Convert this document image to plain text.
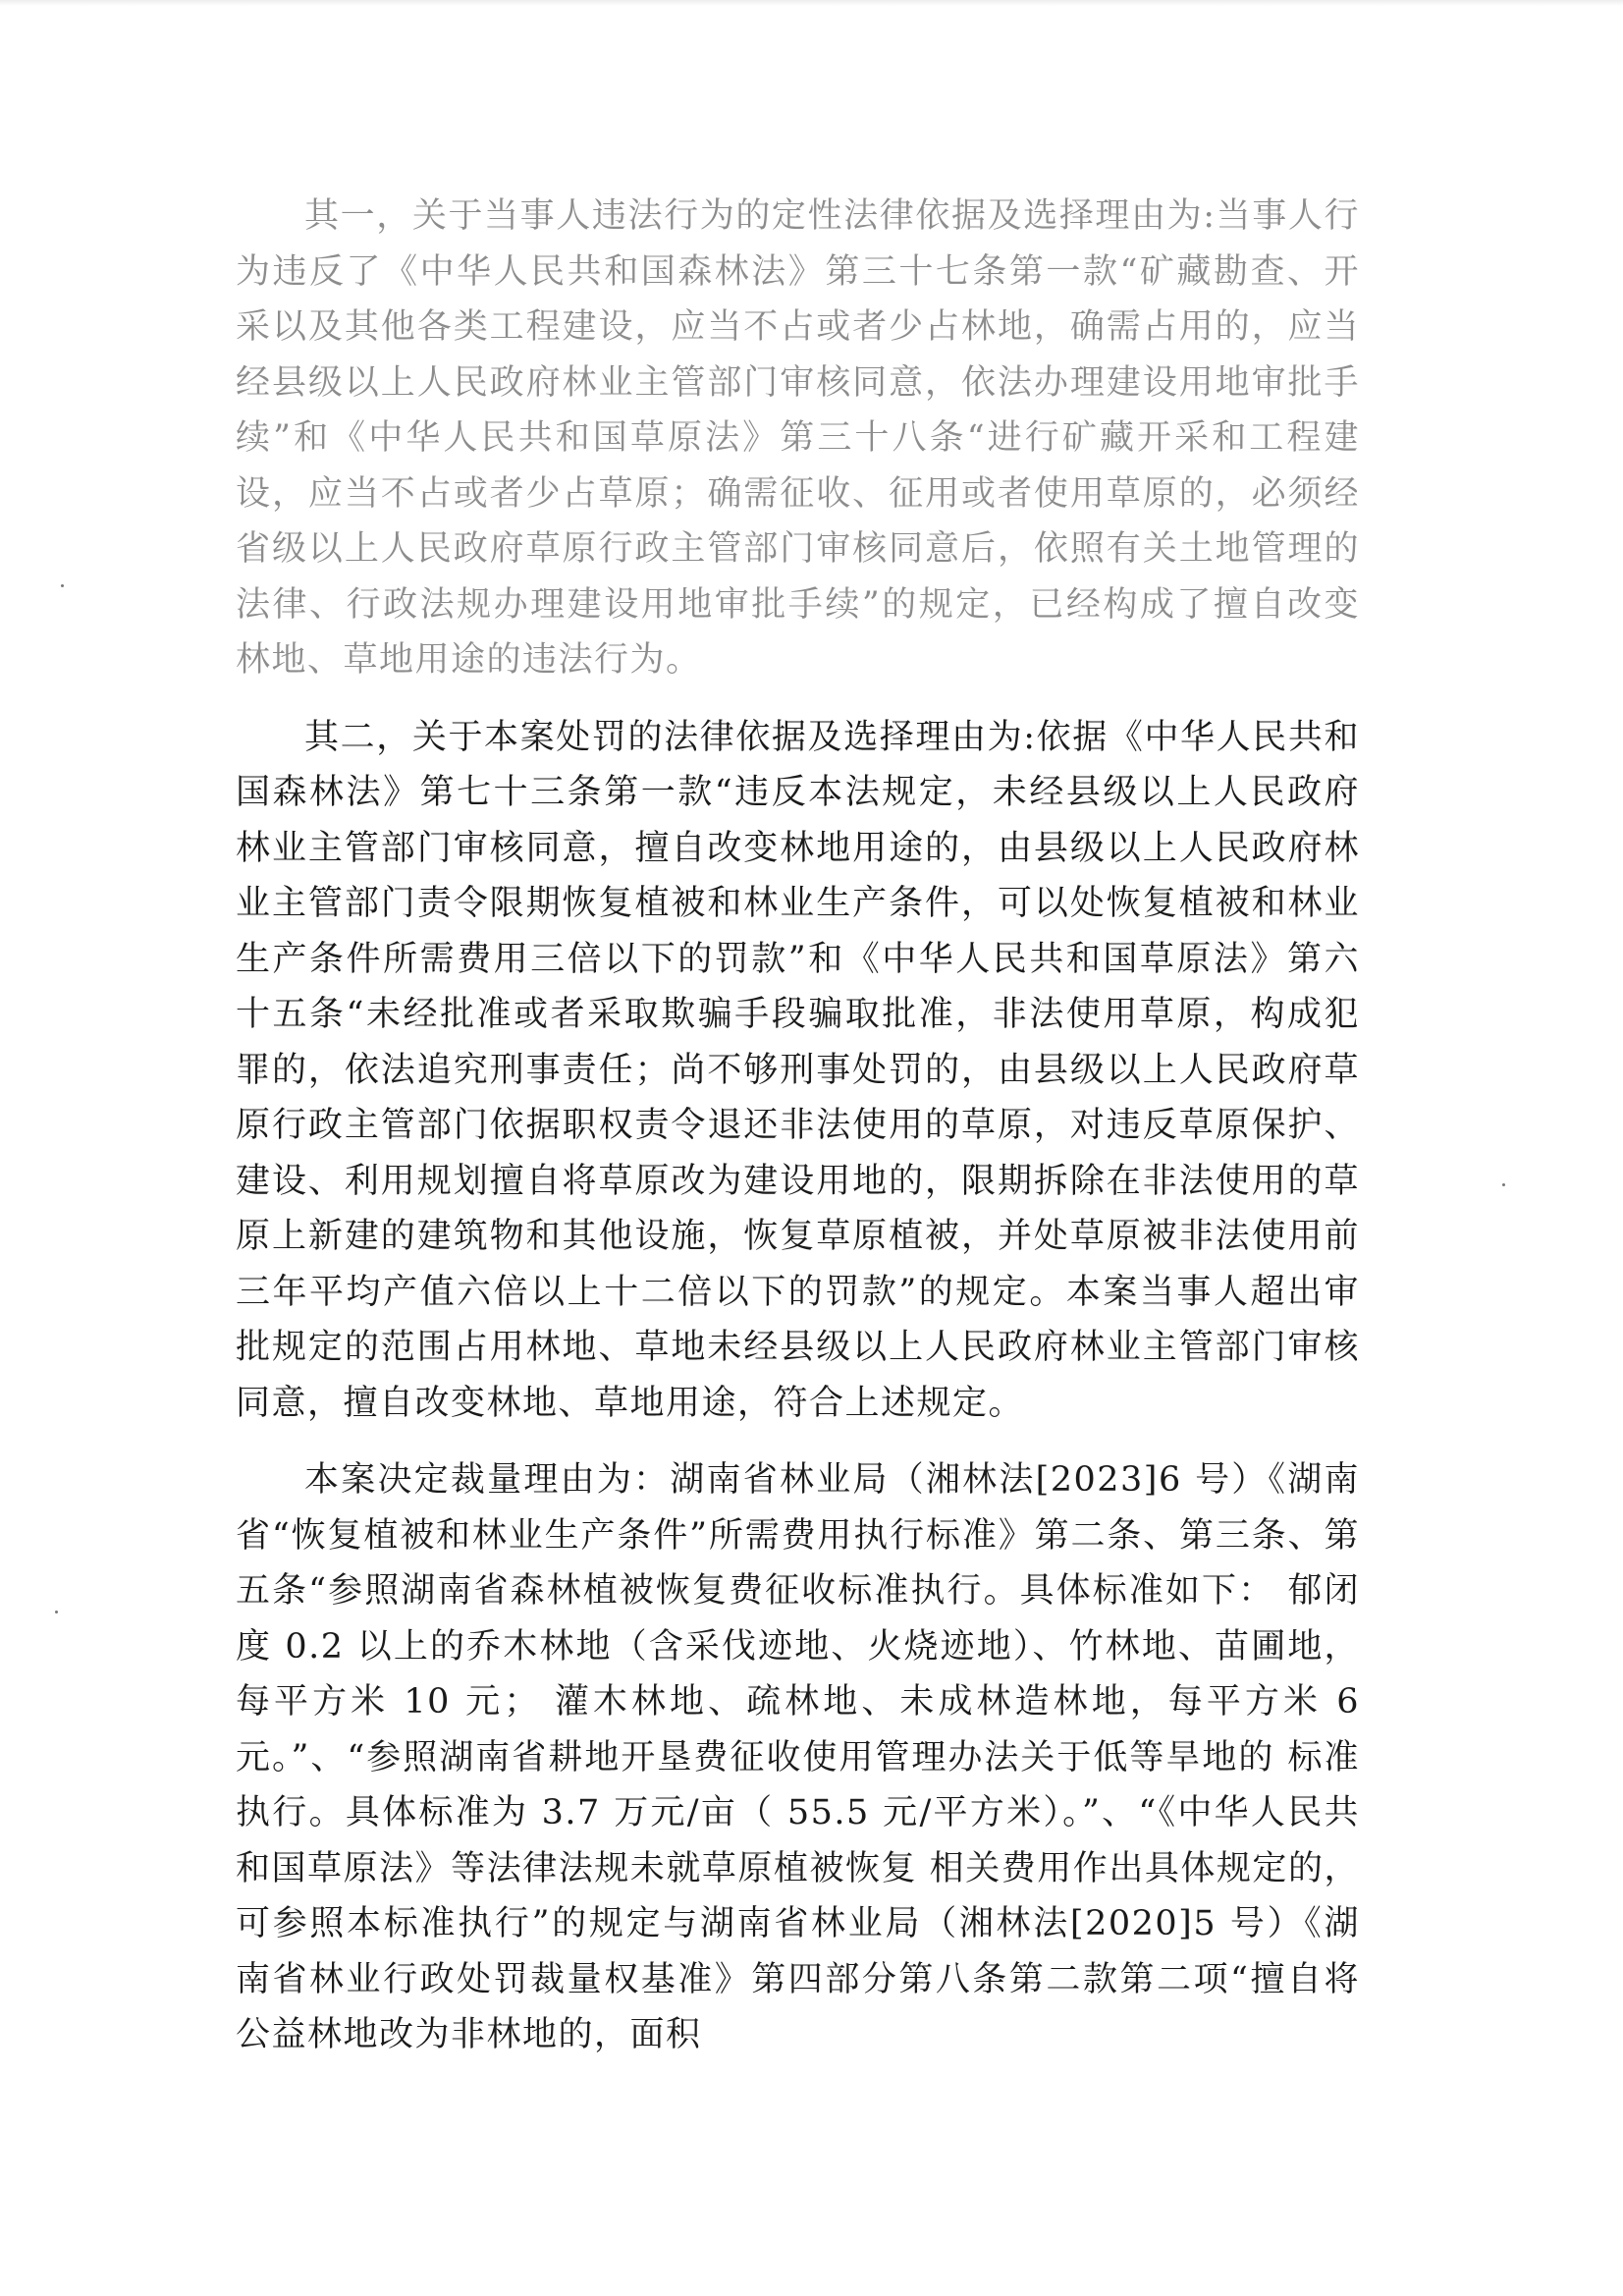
其一，关于当事人违法行为的定性法律依据及选择理由为:当事人行为违反了《中华人民共和国森林法》第三十七条第一款“矿藏勘查、开采以及其他各类工程建设，应当不占或者少占林地，确需占用的，应当经县级以上人民政府林业主管部门审核同意，依法办理建设用地审批手续”和《中华人民共和国草原法》第三十八条“进行矿藏开采和工程建设，应当不占或者少占草原；确需征收、征用或者使用草原的，必须经省级以上人民政府草原行政主管部门审核同意后，依照有关土地管理的法律、行政法规办理建设用地审批手续”的规定，已经构成了擅自改变林地、草地用途的违法行为。

其二，关于本案处罚的法律依据及选择理由为:依据《中华人民共和国森林法》第七十三条第一款“违反本法规定，未经县级以上人民政府林业主管部门审核同意，擅自改变林地用途的，由县级以上人民政府林业主管部门责令限期恢复植被和林业生产条件，可以处恢复植被和林业生产条件所需费用三倍以下的罚款”和《中华人民共和国草原法》第六十五条“未经批准或者采取欺骗手段骗取批准，非法使用草原，构成犯罪的，依法追究刑事责任；尚不够刑事处罚的，由县级以上人民政府草原行政主管部门依据职权责令退还非法使用的草原，对违反草原保护、建设、利用规划擅自将草原改为建设用地的，限期拆除在非法使用的草原上新建的建筑物和其他设施，恢复草原植被，并处草原被非法使用前三年平均产值六倍以上十二倍以下的罚款”的规定。本案当事人超出审批规定的范围占用林地、草地未经县级以上人民政府林业主管部门审核同意，擅自改变林地、草地用途，符合上述规定。

本案决定裁量理由为：湖南省林业局（湘林法[2023]6 号）《湖南省“恢复植被和林业生产条件”所需费用执行标准》第二条、第三条、第五条“参照湖南省森林植被恢复费征收标准执行。具体标准如下： 郁闭度 0.2 以上的乔木林地（含采伐迹地、火烧迹地）、竹林地、苗圃地，每平方米 10 元； 灌木林地、疏林地、未成林造林地，每平方米 6 元。”、“参照湖南省耕地开垦费征收使用管理办法关于低等旱地的 标准执行。具体标准为 3.7 万元/亩（ 55.5 元/平方米）。”、“《中华人民共和国草原法》等法律法规未就草原植被恢复 相关费用作出具体规定的， 可参照本标准执行”的规定与湖南省林业局（湘林法[2020]5 号）《湖南省林业行政处罚裁量权基准》第四部分第八条第二款第二项“擅自将公益林地改为非林地的，面积
